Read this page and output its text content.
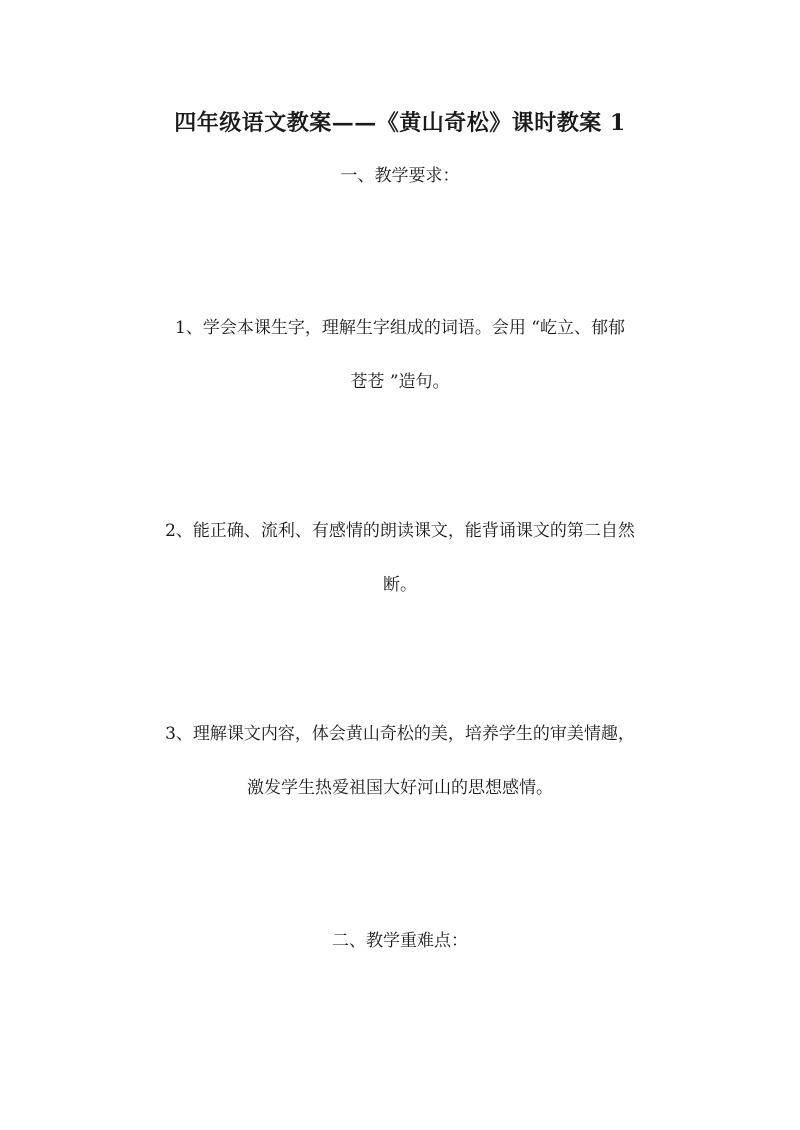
四年级语文教案——《黄山奇松》课时教案 1
一、教学要求：
1、学会本课生字，理解生字组成的词语。会用 “屹立、郁郁
苍苍 ”造句。
2、能正确、流利、有感情的朗读课文，能背诵课文的第二自然
断。
3、理解课文内容，体会黄山奇松的美，培养学生的审美情趣，
激发学生热爱祖国大好河山的思想感情。
二、教学重难点：
